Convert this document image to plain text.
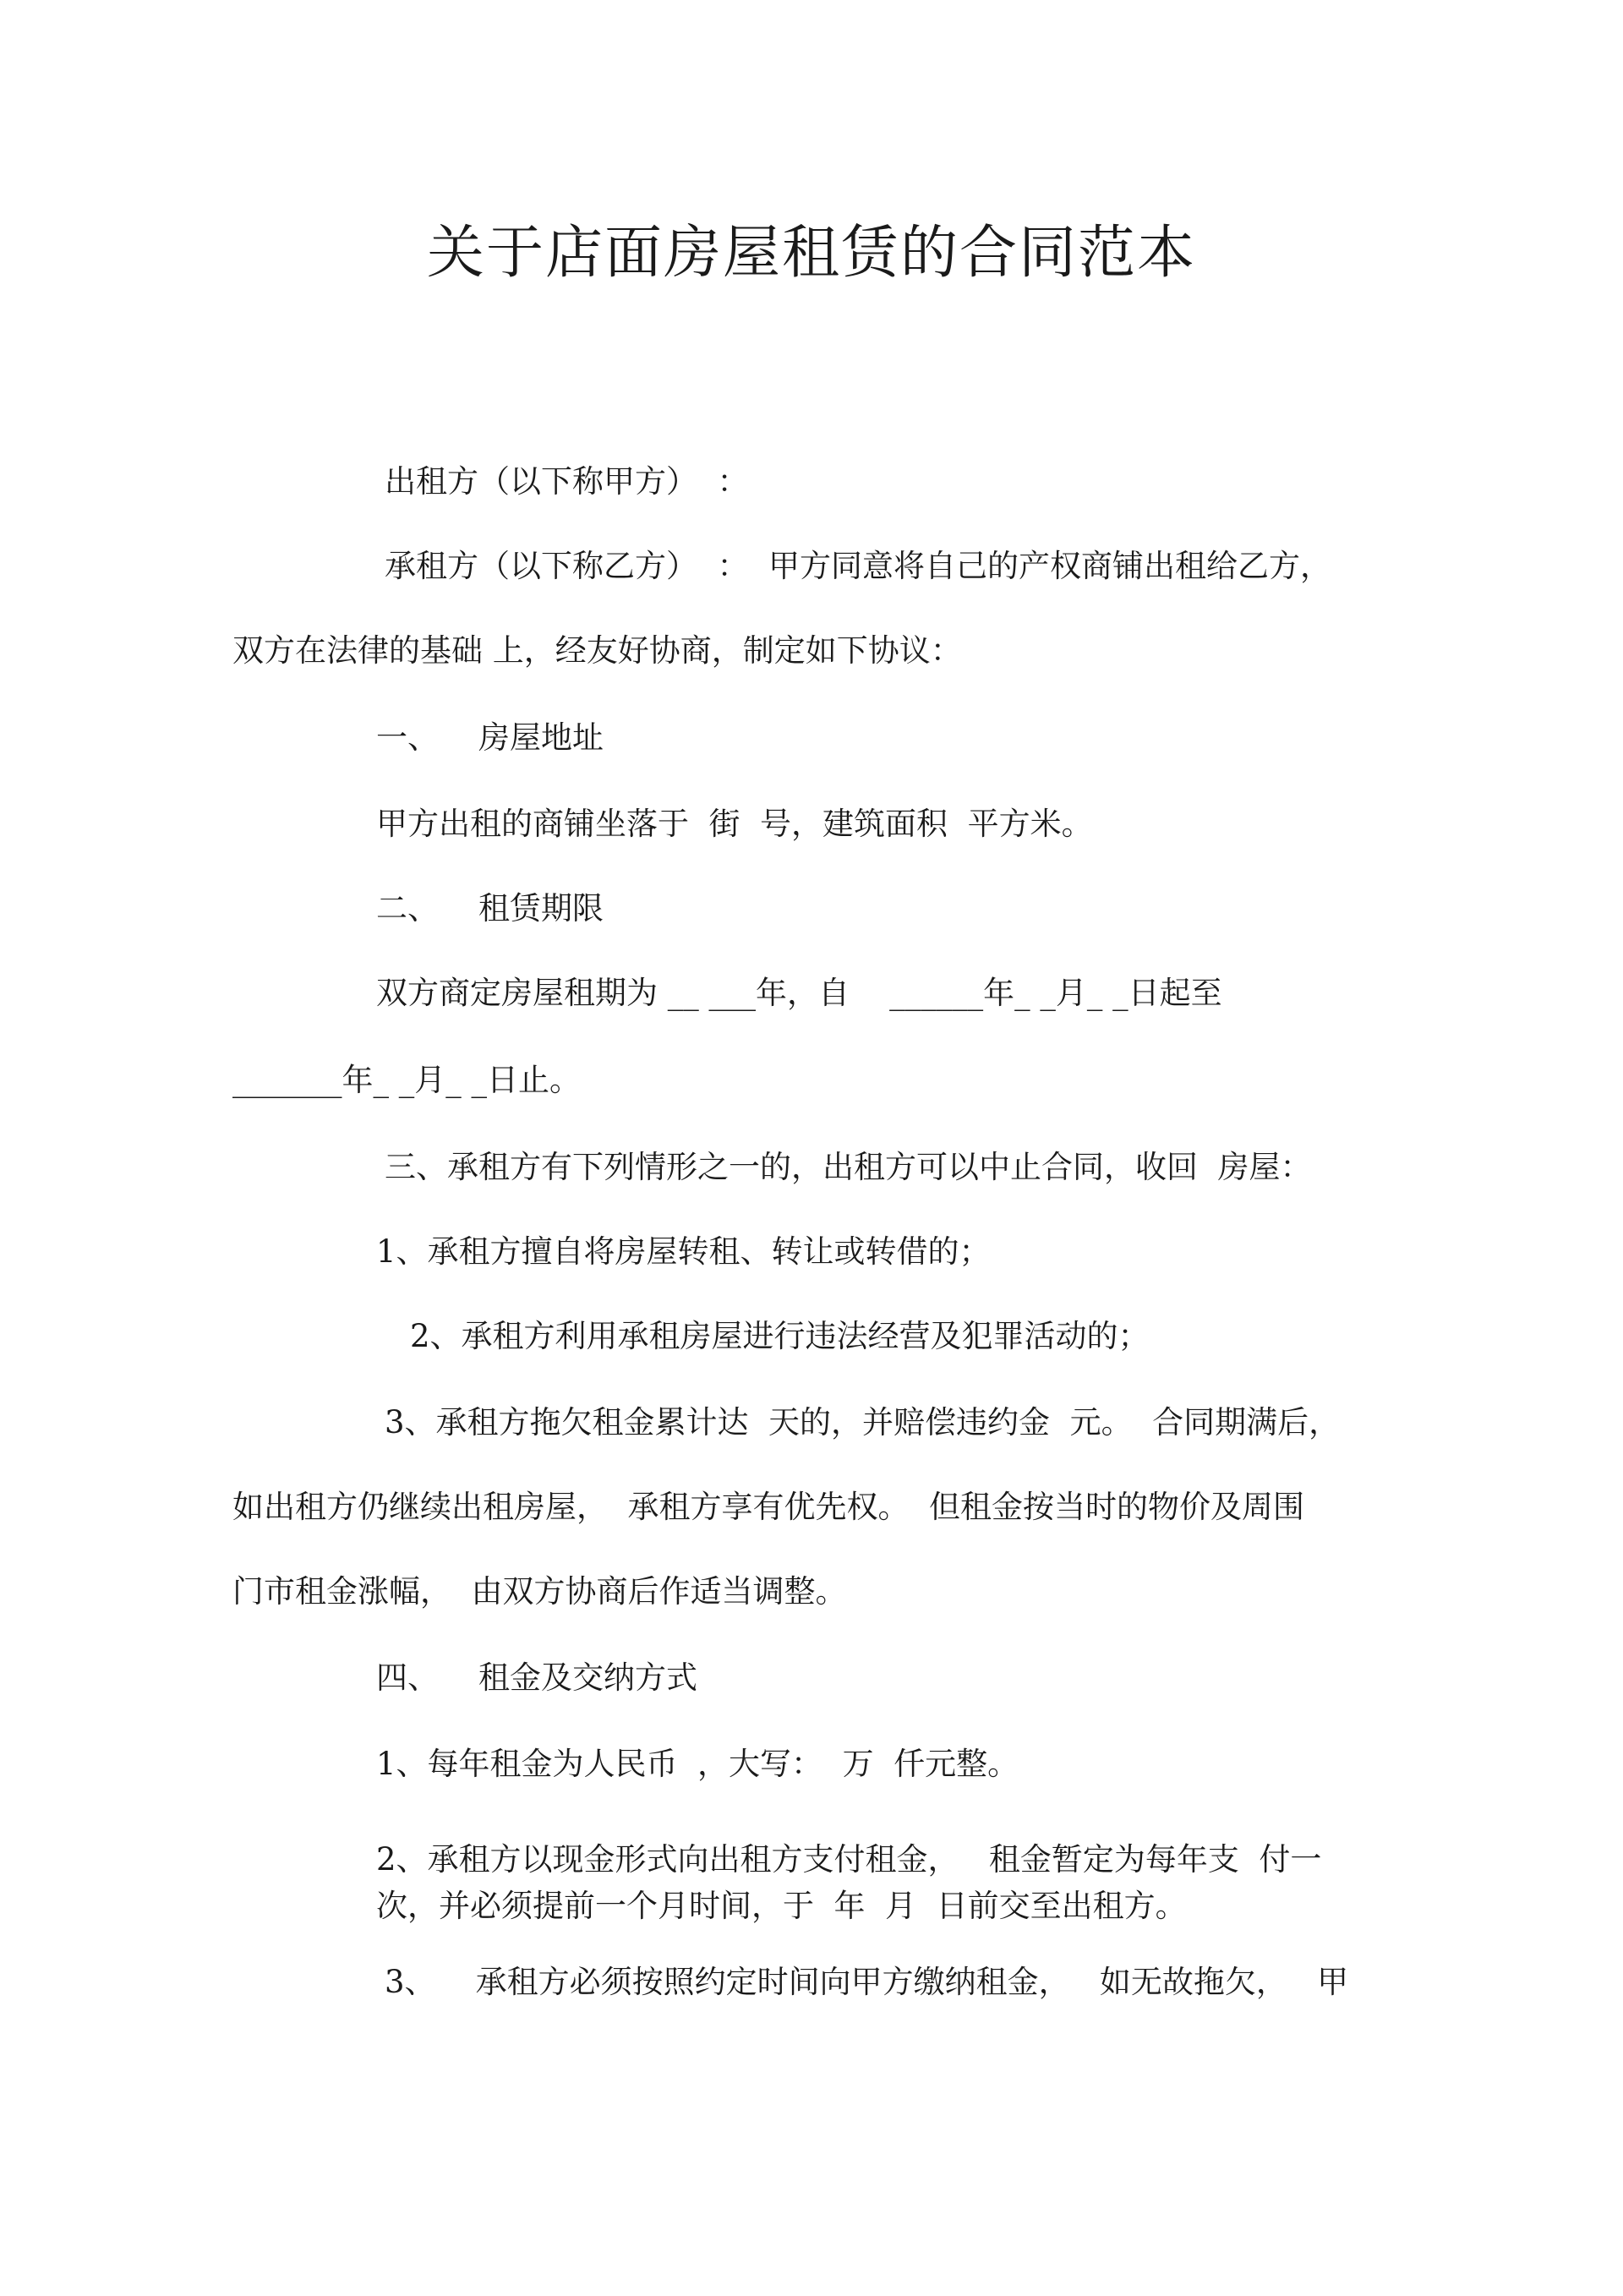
关于店面房屋租赁的合同范本
出租方（以下称甲方）  ：
承租方（以下称乙方）  ：  甲方同意将自己的产权商铺出租给乙方，
双方在法律的基础 上，经友好协商，制定如下协议：
一、    房屋地址
甲方出租的商铺坐落于  街  号，建筑面积  平方米。
二、    租赁期限
双方商定房屋租期为 __ ___年，自    ______年_ _月_ _日起至
_______年_ _月_ _日止。
三、承租方有下列情形之一的，出租方可以中止合同，收回  房屋：
1、承租方擅自将房屋转租、转让或转借的；
2、承租方利用承租房屋进行违法经营及犯罪活动的；
3、承租方拖欠租金累计达  天的，并赔偿违约金  元。  合同期满后，
如出租方仍继续出租房屋，  承租方享有优先权。  但租金按当时的物价及周围
门市租金涨幅，  由双方协商后作适当调整。
四、    租金及交纳方式
1、每年租金为人民币  ，大写：  万  仟元整。
2、承租方以现金形式向出租方支付租金，   租金暂定为每年支  付一
次，并必须提前一个月时间，于  年  月  日前交至出租方。
3、    承租方必须按照约定时间向甲方缴纳租金，   如无故拖欠，   甲
